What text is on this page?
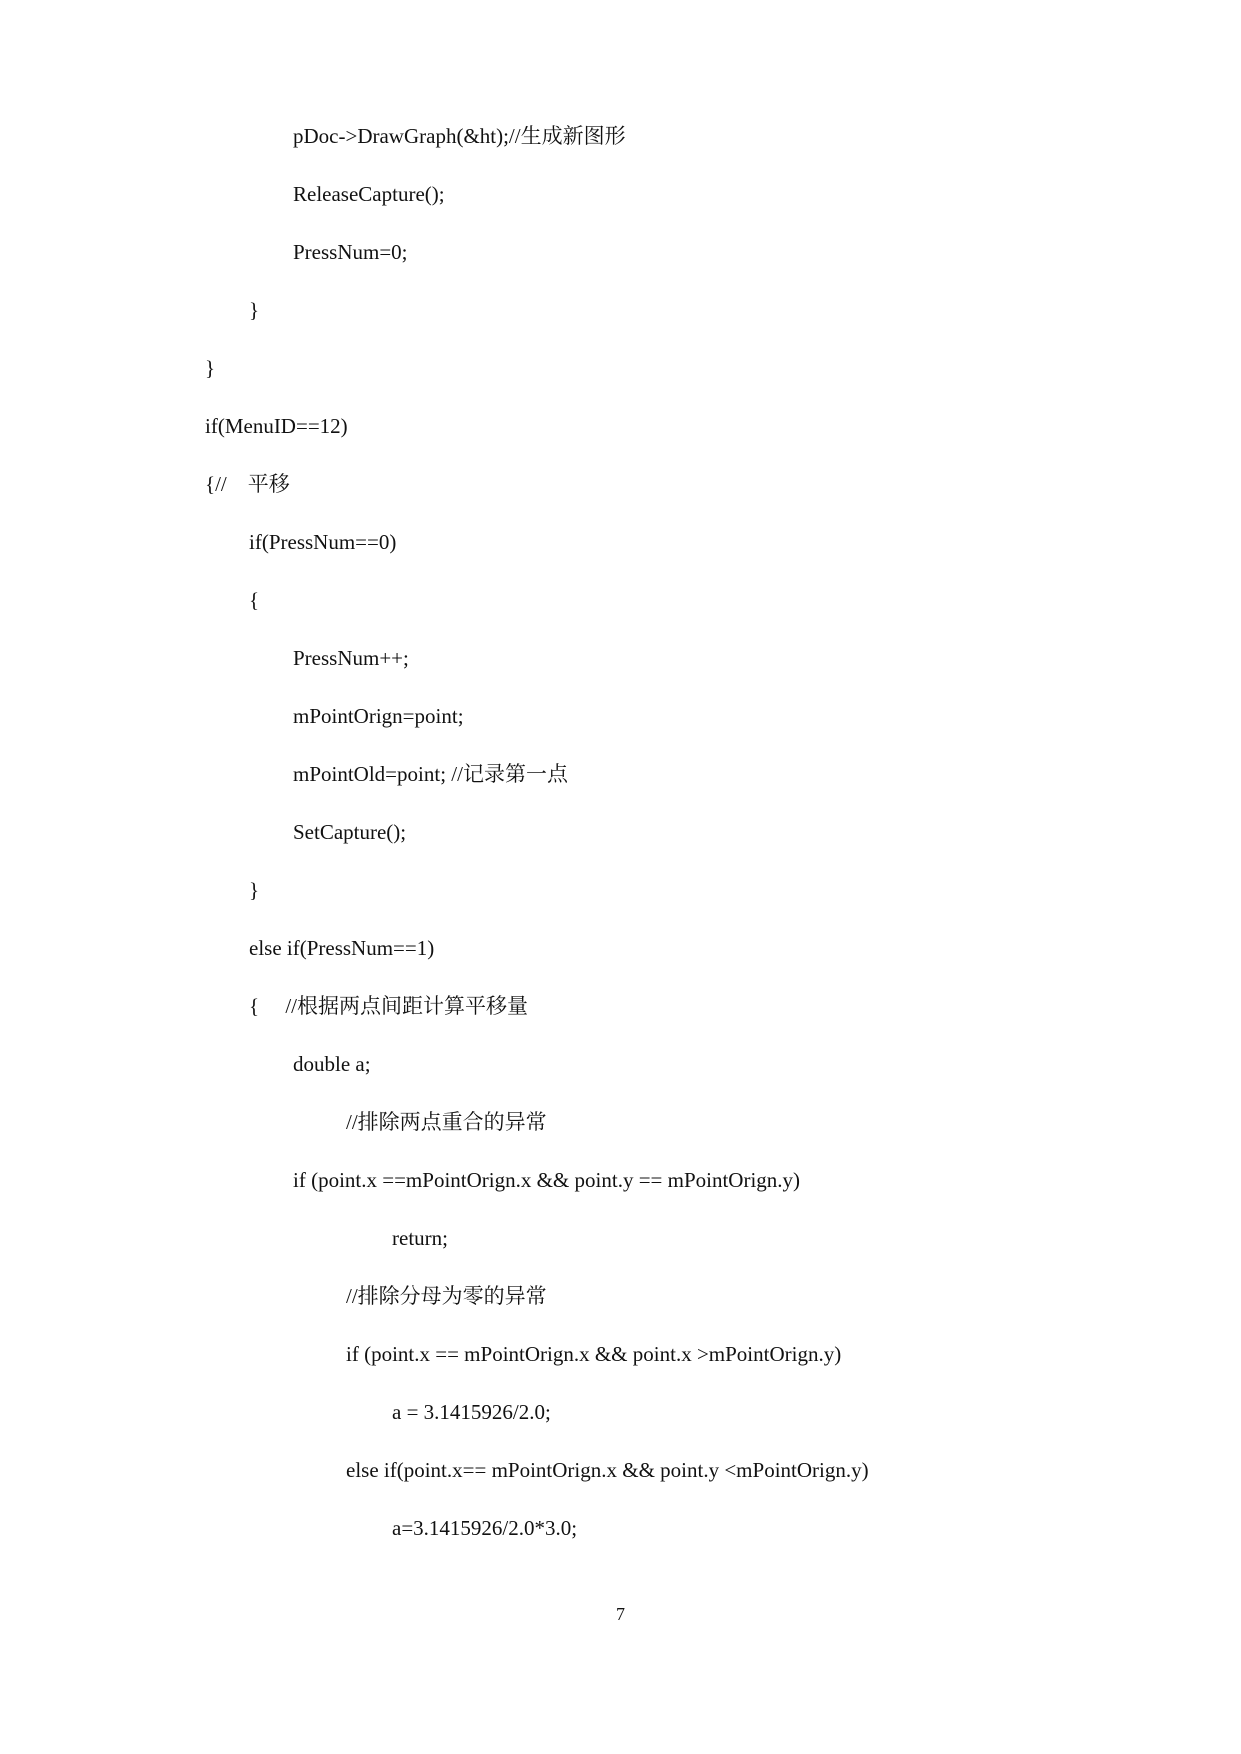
pDoc->DrawGraph(&ht);//生成新图形
ReleaseCapture();
PressNum=0;
}
}
if(MenuID==12)
{//　平移
if(PressNum==0)
{
PressNum++;
mPointOrign=point;
mPointOld=point; //记录第一点
SetCapture();
}
else if(PressNum==1)
{　 //根据两点间距计算平移量
double a;
//排除两点重合的异常
if (point.x ==mPointOrign.x && point.y == mPointOrign.y)
return;
//排除分母为零的异常
if (point.x == mPointOrign.x && point.x >mPointOrign.y)
a = 3.1415926/2.0;
else if(point.x== mPointOrign.x && point.y <mPointOrign.y)
a=3.1415926/2.0*3.0;
7
